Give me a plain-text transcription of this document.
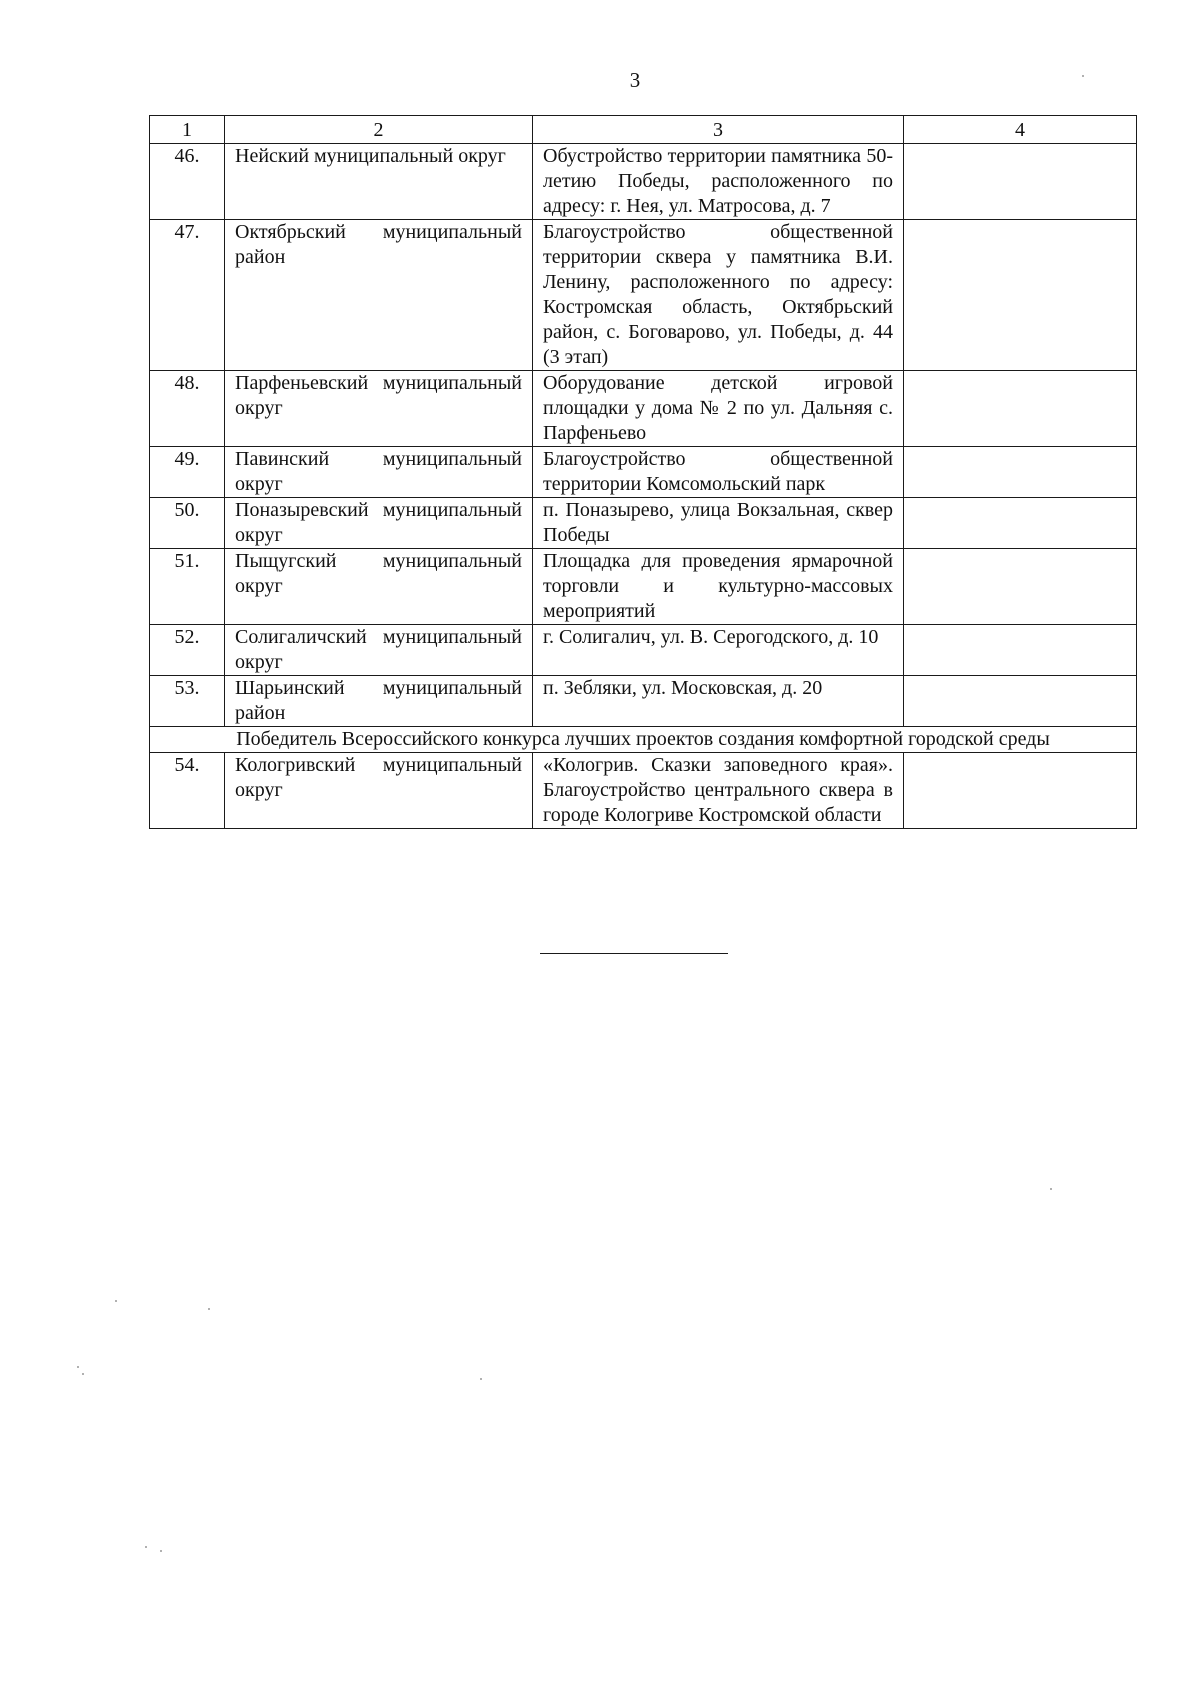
3
1	2	3	4
46.	Нейский муниципальный округ	Обустройство территории памятника 50-летию Победы, расположенного по адресу: г. Нея, ул. Матросова, д. 7	
47.	Октябрьский муниципальный район	Благоустройство общественной территории сквера у памятника В.И. Ленину, расположенного по адресу: Костромская область, Октябрьский район, с. Боговарово, ул. Победы, д. 44 (3 этап)	
48.	Парфеньевский муниципальный округ	Оборудование детской игровой площадки у дома № 2 по ул. Дальняя с. Парфеньево	
49.	Павинский муниципальный округ	Благоустройство общественной территории Комсомольский парк	
50.	Поназыревский муниципальный округ	п. Поназырево, улица Вокзальная, сквер Победы	
51.	Пыщугский муниципальный округ	Площадка для проведения ярмарочной торговли и культурно-массовых мероприятий	
52.	Солигаличский муниципальный округ	г. Солигалич, ул. В. Серогодского, д. 10	
53.	Шарьинский муниципальный район	п. Зебляки, ул. Московская, д. 20	
Победитель Всероссийского конкурса лучших проектов создания комфортной городской среды			
54.	Кологривский муниципальный округ	«Кологрив. Сказки заповедного края». Благоустройство центрального сквера в городе Кологриве Костромской области	
